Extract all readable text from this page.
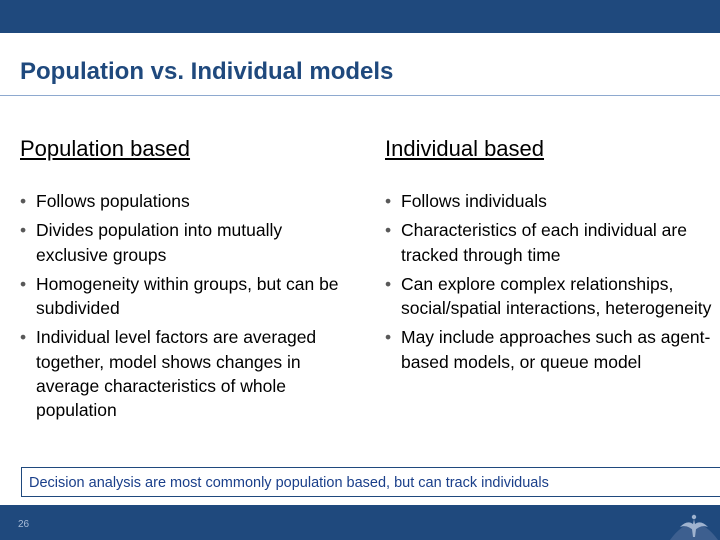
Population vs. Individual models
Population based
• Follows populations
• Divides population into mutually exclusive groups
• Homogeneity within groups, but can be subdivided
• Individual level factors are averaged together, model shows changes in average characteristics of whole population
Individual based
• Follows individuals
• Characteristics of each individual are tracked through time
• Can explore complex relationships, social/spatial interactions, heterogeneity
• May include approaches such as agent-based models, or queue model
Decision analysis are most commonly population based, but can track individuals
26
